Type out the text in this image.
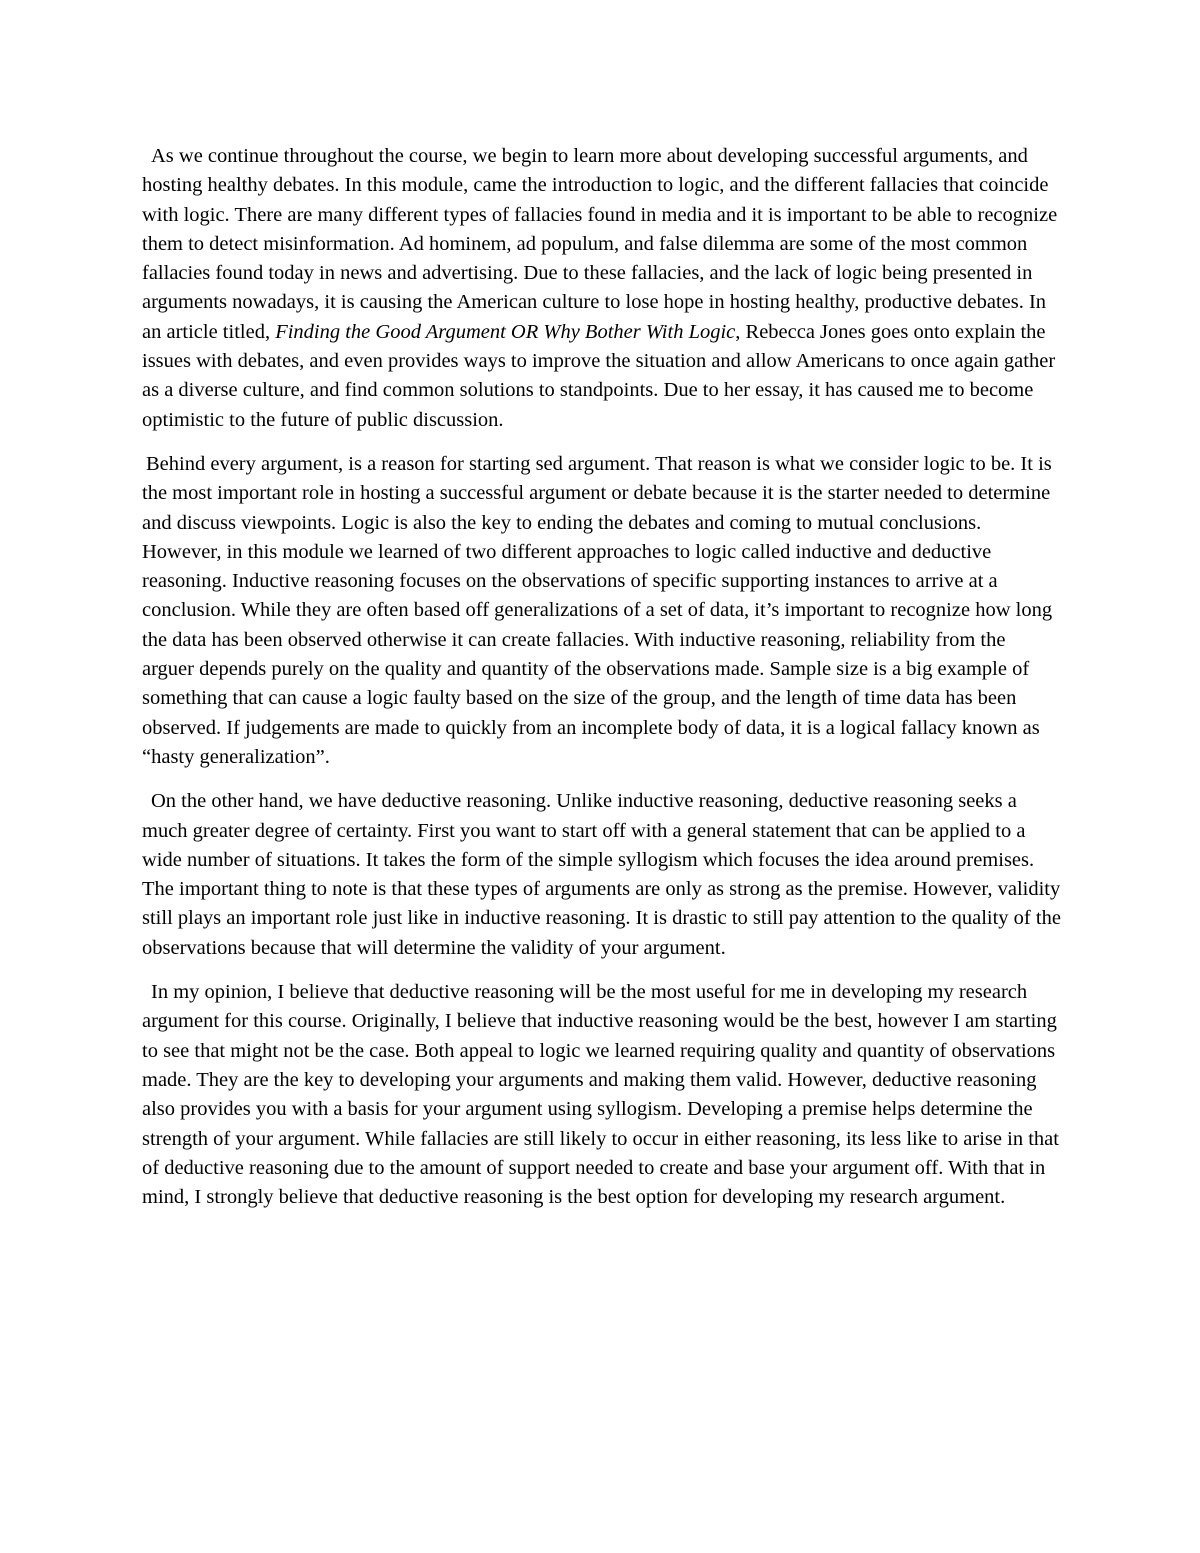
As we continue throughout the course, we begin to learn more about developing successful arguments, and hosting healthy debates. In this module, came the introduction to logic, and the different fallacies that coincide with logic. There are many different types of fallacies found in media and it is important to be able to recognize them to detect misinformation. Ad hominem, ad populum, and false dilemma are some of the most common fallacies found today in news and advertising. Due to these fallacies, and the lack of logic being presented in arguments nowadays, it is causing the American culture to lose hope in hosting healthy, productive debates. In an article titled, Finding the Good Argument OR Why Bother With Logic, Rebecca Jones goes onto explain the issues with debates, and even provides ways to improve the situation and allow Americans to once again gather as a diverse culture, and find common solutions to standpoints. Due to her essay, it has caused me to become optimistic to the future of public discussion.

Behind every argument, is a reason for starting sed argument. That reason is what we consider logic to be. It is the most important role in hosting a successful argument or debate because it is the starter needed to determine and discuss viewpoints. Logic is also the key to ending the debates and coming to mutual conclusions. However, in this module we learned of two different approaches to logic called inductive and deductive reasoning. Inductive reasoning focuses on the observations of specific supporting instances to arrive at a conclusion. While they are often based off generalizations of a set of data, it’s important to recognize how long the data has been observed otherwise it can create fallacies. With inductive reasoning, reliability from the arguer depends purely on the quality and quantity of the observations made. Sample size is a big example of something that can cause a logic faulty based on the size of the group, and the length of time data has been observed. If judgements are made to quickly from an incomplete body of data, it is a logical fallacy known as “hasty generalization”.

On the other hand, we have deductive reasoning. Unlike inductive reasoning, deductive reasoning seeks a much greater degree of certainty. First you want to start off with a general statement that can be applied to a wide number of situations. It takes the form of the simple syllogism which focuses the idea around premises. The important thing to note is that these types of arguments are only as strong as the premise. However, validity still plays an important role just like in inductive reasoning. It is drastic to still pay attention to the quality of the observations because that will determine the validity of your argument.

In my opinion, I believe that deductive reasoning will be the most useful for me in developing my research argument for this course. Originally, I believe that inductive reasoning would be the best, however I am starting to see that might not be the case. Both appeal to logic we learned requiring quality and quantity of observations made. They are the key to developing your arguments and making them valid. However, deductive reasoning also provides you with a basis for your argument using syllogism. Developing a premise helps determine the strength of your argument. While fallacies are still likely to occur in either reasoning, its less like to arise in that of deductive reasoning due to the amount of support needed to create and base your argument off. With that in mind, I strongly believe that deductive reasoning is the best option for developing my research argument.
